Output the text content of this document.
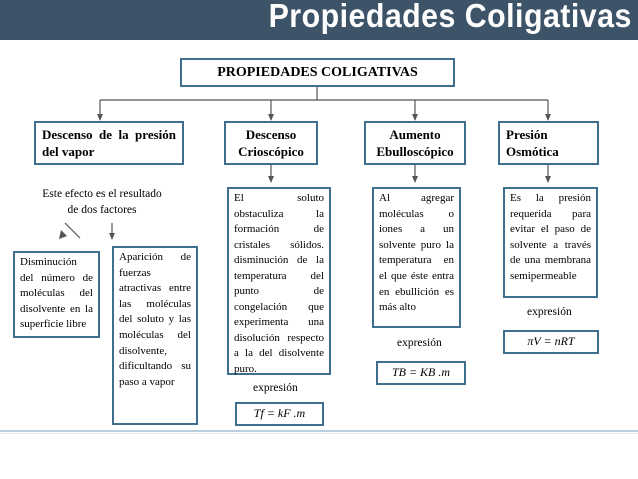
Propiedades Coligativas
PROPIEDADES COLIGATIVAS
Descenso de la presión del vapor
Descenso Crioscópico
Aumento Ebulloscópico
Presión Osmótica
Este efecto es el resultado de dos factores
Disminución del número de moléculas del disolvente en la superficie libre
Aparición de fuerzas atractivas entre las moléculas del soluto y las moléculas del disolvente, dificultando su paso a vapor
El soluto obstaculiza la formación de cristales sólidos. disminución de la temperatura del punto de congelación que experimenta una disolución respecto a la del disolvente puro.
expresión
Tf = kF .m
Al agregar moléculas o iones a un solvente puro la temperatura en el que éste entra en ebullición es más alto
expresión
TB = KB .m
Es la presión requerida para evitar el paso de solvente a través de una membrana semipermeable
expresión
πV = nRT
